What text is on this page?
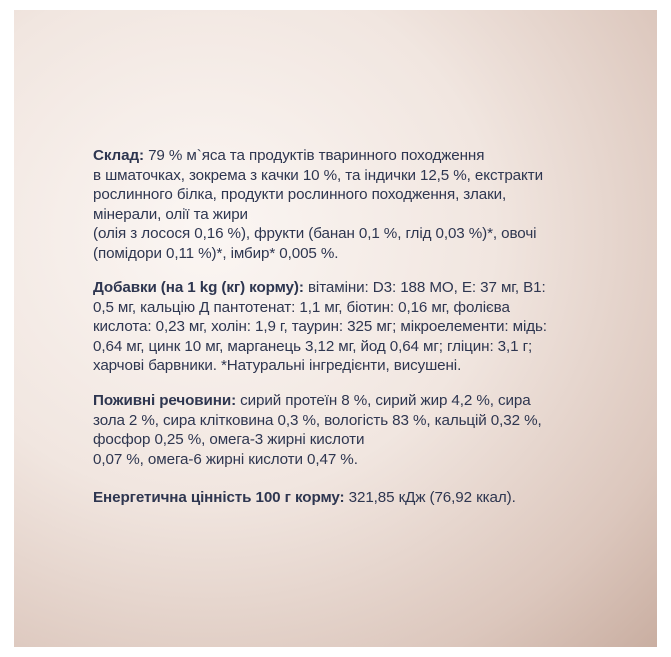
Склад: 79 % м`яса та продуктів тваринного походження
в шматочках, зокрема з качки 10 %, та індички 12,5 %, екстракти
рослинного білка, продукти рослинного походження, злаки,
мінерали, олії та жири
(олія з лосося 0,16 %), фрукти (банан 0,1 %, глід 0,03 %)*, овочі
(помідори 0,11 %)*, імбир* 0,005 %.
Добавки (на 1 kg (кг) корму): вітаміни: D3: 188 МО, E: 37 мг, B1:
0,5 мг, кальцію Д пантотенат: 1,1 мг, біотин: 0,16 мг, фолієва
кислота: 0,23 мг, холін: 1,9 г, таурин: 325 мг; мікроелементи: мідь:
0,64 мг, цинк 10 мг, марганець 3,12 мг, йод 0,64 мг; гліцин: 3,1 г;
харчові барвники. *Натуральні інгредієнти, висушені.
Поживні речовини: сирий протеїн 8 %, сирий жир 4,2 %, сира
зола 2 %, сира клітковина 0,3 %, вологість 83 %, кальцій 0,32 %,
фосфор 0,25 %, омега-3 жирні кислоти
0,07 %, омега-6 жирні кислоти 0,47 %.
Енергетична цінність 100 г корму: 321,85 кДж (76,92 ккал).
